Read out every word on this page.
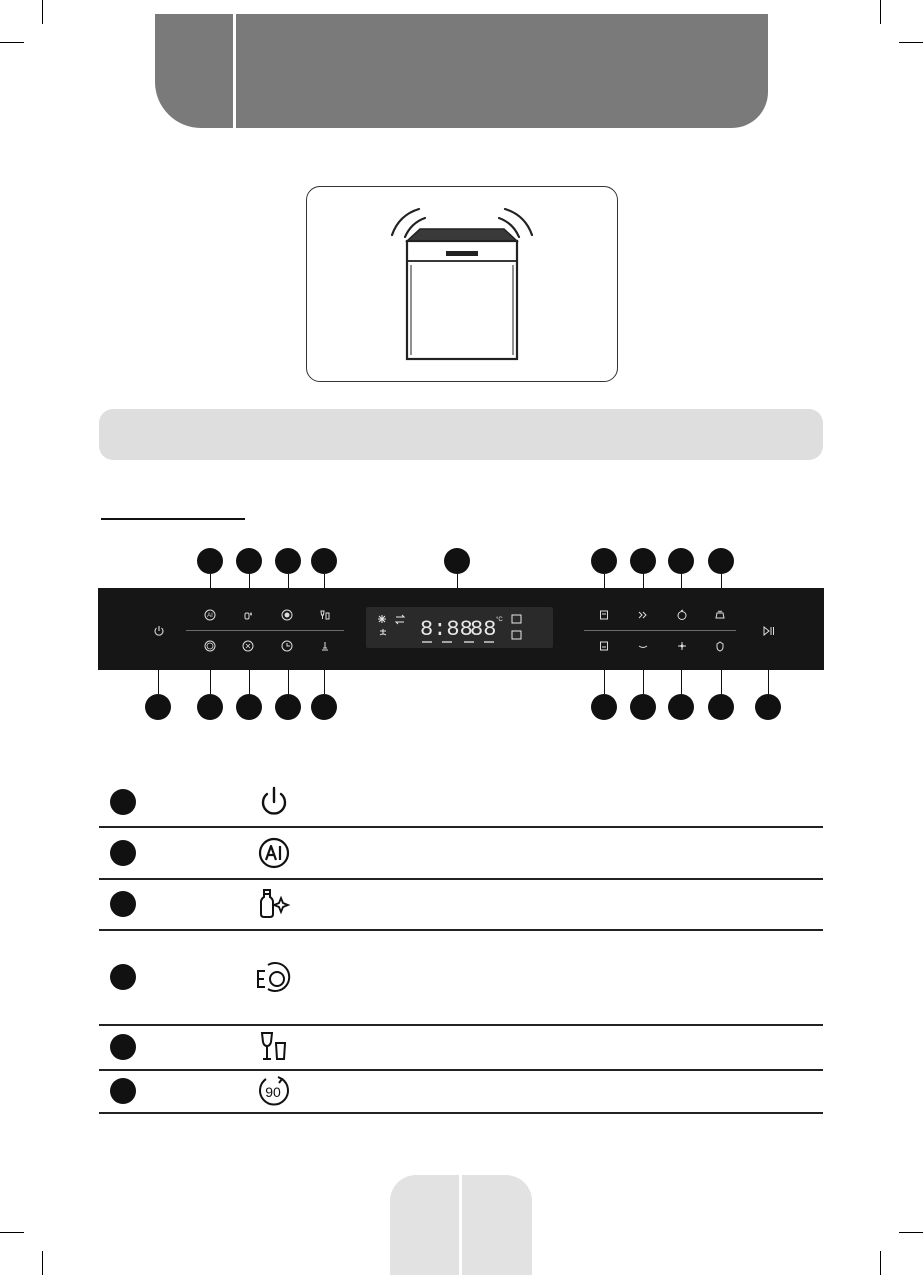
AI
8:88
88 °C
90
